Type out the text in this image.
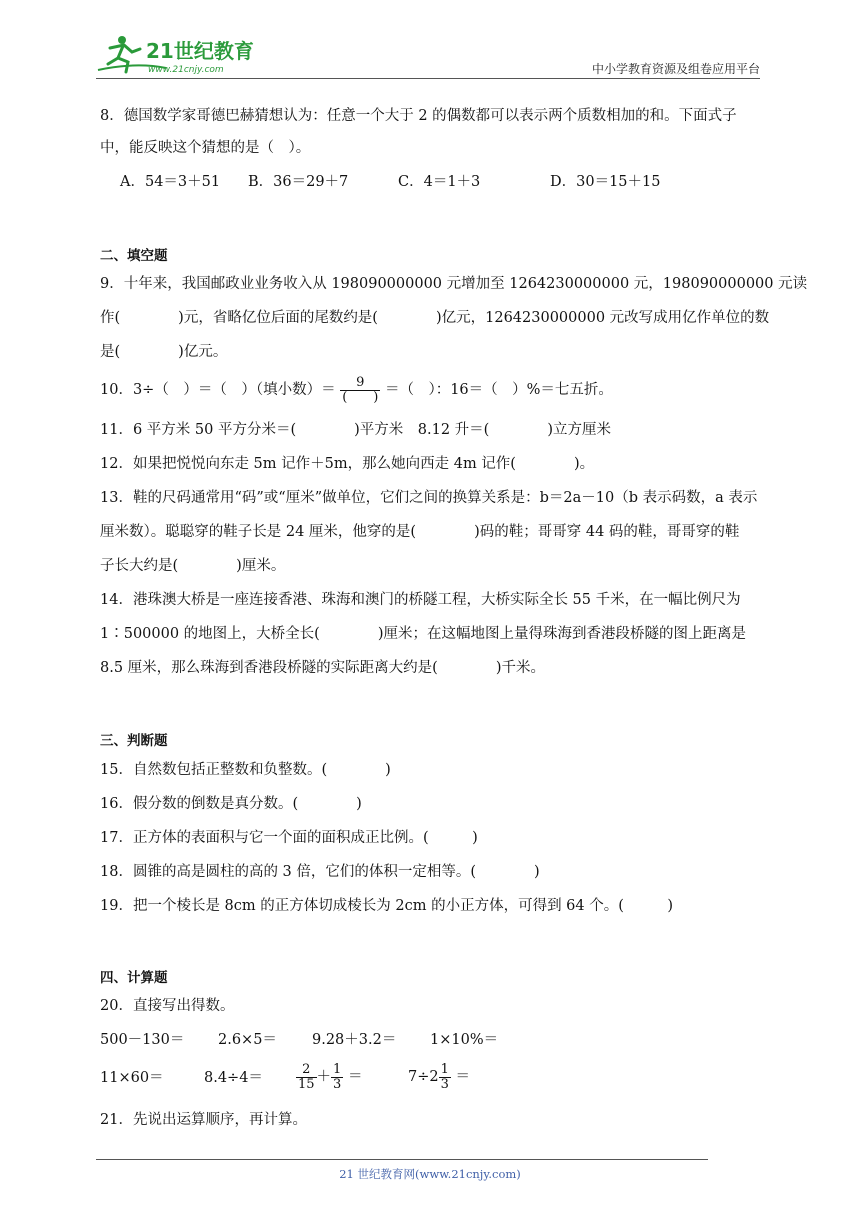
21世纪教育
www.21cnjy.com	中小学教育资源及组卷应用平台
8．德国数学家哥德巴赫猜想认为：任意一个大于 2 的偶数都可以表示两个质数相加的和。下面式子
中，能反映这个猜想的是（　）。
A．54＝3＋51 B．36＝29＋7	C．4＝1＋3	D．30＝15＋15
二、填空题
9．十年来，我国邮政业业务收入从 198090000000 元增加至 1264230000000 元，198090000000 元读
作(　　　　)元，省略亿位后面的尾数约是(　　　　)亿元，1264230000000 元改写成用亿作单位的数
是(　　　　)亿元。
10．3÷（　）＝（　）（填小数）＝ $\frac{9}{( )}$ ＝（　）：16＝（　）%＝七五折。
11．6 平方米 50 平方分米＝(　　　　)平方米　8.12 升＝(　　　　)立方厘米
12．如果把悦悦向东走 5m 记作＋5m，那么她向西走 4m 记作(　　　　)。
13．鞋的尺码通常用“码”或“厘米”做单位，它们之间的换算关系是：b＝2a－10（b 表示码数，a 表示
厘米数）。聪聪穿的鞋子长是 24 厘米，他穿的是(　　　　)码的鞋；哥哥穿 44 码的鞋，哥哥穿的鞋
子长大约是(　　　　)厘米。
14．港珠澳大桥是一座连接香港、珠海和澳门的桥隧工程，大桥实际全长 55 千米，在一幅比例尺为
1∶500000 的地图上，大桥全长(　　　　)厘米；在这幅地图上量得珠海到香港段桥隧的图上距离是
8.5 厘米，那么珠海到香港段桥隧的实际距离大约是(　　　　)千米。
三、判断题
15．自然数包括正整数和负整数。(　　　　)
16．假分数的倒数是真分数。(　　　　)
17．正方体的表面积与它一个面的面积成正比例。(　　　)
18．圆锥的高是圆柱的高的 3 倍，它们的体积一定相等。(　　　　)
19．把一个棱长是 8cm 的正方体切成棱长为 2cm 的小正方体，可得到 64 个。(　　　)
四、计算题
20．直接写出得数。
500－130＝ 2.6×5＝ 9.28＋3.2＝ 1×10%＝
11×60＝	8.4÷4＝	$\frac{2}{15} + \frac{1}{3}$ ＝	$7\div 2 \frac{1}{3}$ ＝
21．先说出运算顺序，再计算。
21 世纪教育网(www.21cnjy.com)
